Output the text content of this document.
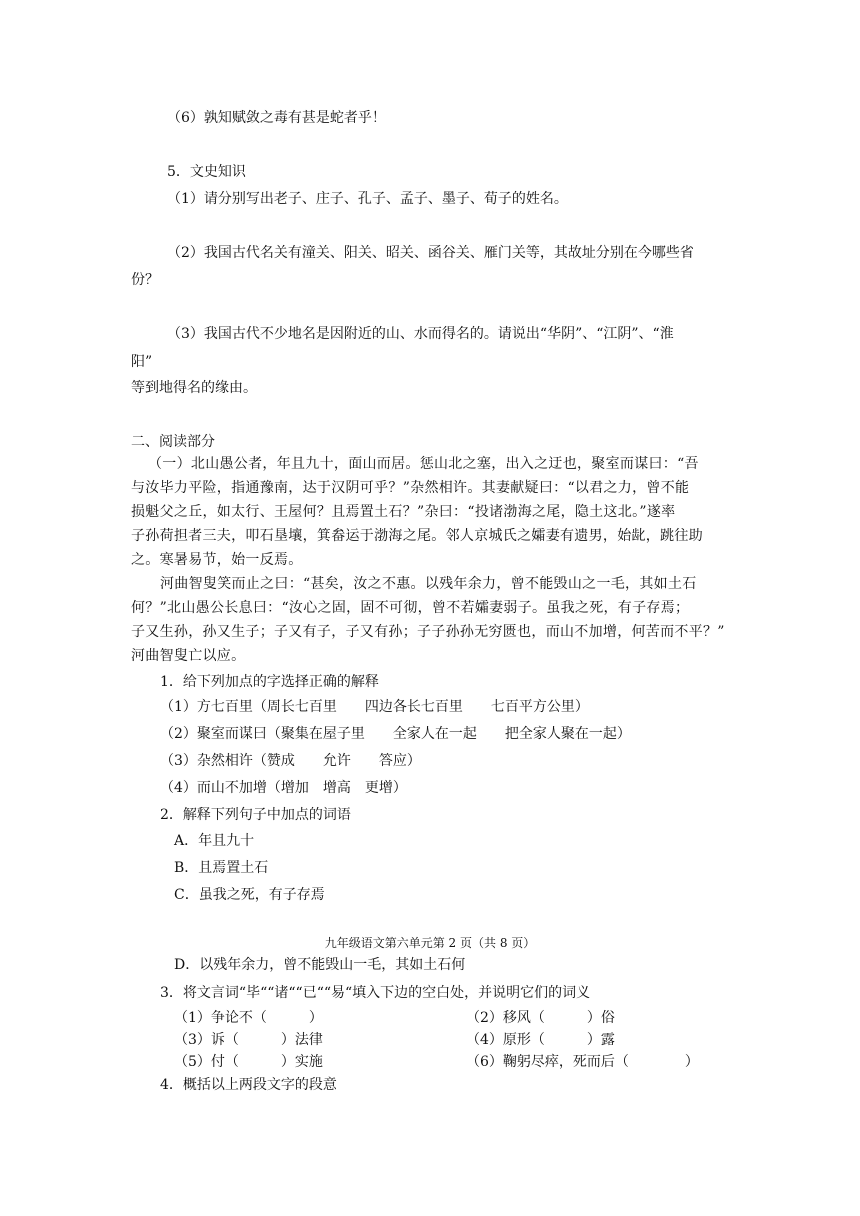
（6）孰知赋敛之毒有甚是蛇者乎！
5．文史知识
（1）请分别写出老子、庄子、孔子、孟子、墨子、荀子的姓名。
（2）我国古代名关有潼关、阳关、昭关、函谷关、雁门关等，其故址分别在今哪些省
份？
（3）我国古代不少地名是因附近的山、水而得名的。请说出“华阴”、“江阴”、“淮
阳”
等到地得名的缘由。
二、阅读部分
（一）北山愚公者，年且九十，面山而居。惩山北之塞，出入之迂也，聚室而谋曰：“吾
与汝毕力平险，指通豫南，达于汉阴可乎？”杂然相许。其妻献疑曰：“以君之力，曾不能
损魁父之丘，如太行、王屋何？且焉置土石？”杂曰：“投诸渤海之尾，隐土这北。”遂率
子孙荷担者三夫，叩石垦壤，箕畚运于渤海之尾。邻人京城氏之孀妻有遗男，始龀，跳往助
之。寒暑易节，始一反焉。
河曲智叟笑而止之曰：“甚矣，汝之不惠。以残年余力，曾不能毁山之一毛，其如土石
何？”北山愚公长息曰：“汝心之固，固不可彻，曾不若孀妻弱子。虽我之死，有子存焉；
子又生孙，孙又生子；子又有子，子又有孙；子子孙孙无穷匮也，而山不加增，何苦而不平？”
河曲智叟亡以应。
1．给下列加点的字选择正确的解释
（1）方七百里（周长七百里　　四边各长七百里　　七百平方公里）
（2）聚室而谋曰（聚集在屋子里　　全家人在一起　　把全家人聚在一起）
（3）杂然相许（赞成　　允许　　答应）
（4）而山不加增（增加　增高　更增）
2．解释下列句子中加点的词语
A．年且九十
B．且焉置土石
C．虽我之死，有子存焉
九年级语文第六单元第 2 页（共 8 页）
D．以残年余力，曾不能毁山一毛，其如土石何
3．将文言词“毕““诸““已““易“填入下边的空白处，并说明它们的词义
（1）争论不（　　　）	（2）移风（　　　）俗
（3）诉（　　　）法律	（4）原形（　　　）露
（5）付（　　　）实施	（6）鞠躬尽瘁，死而后（　　　　）
4．概括以上两段文字的段意
